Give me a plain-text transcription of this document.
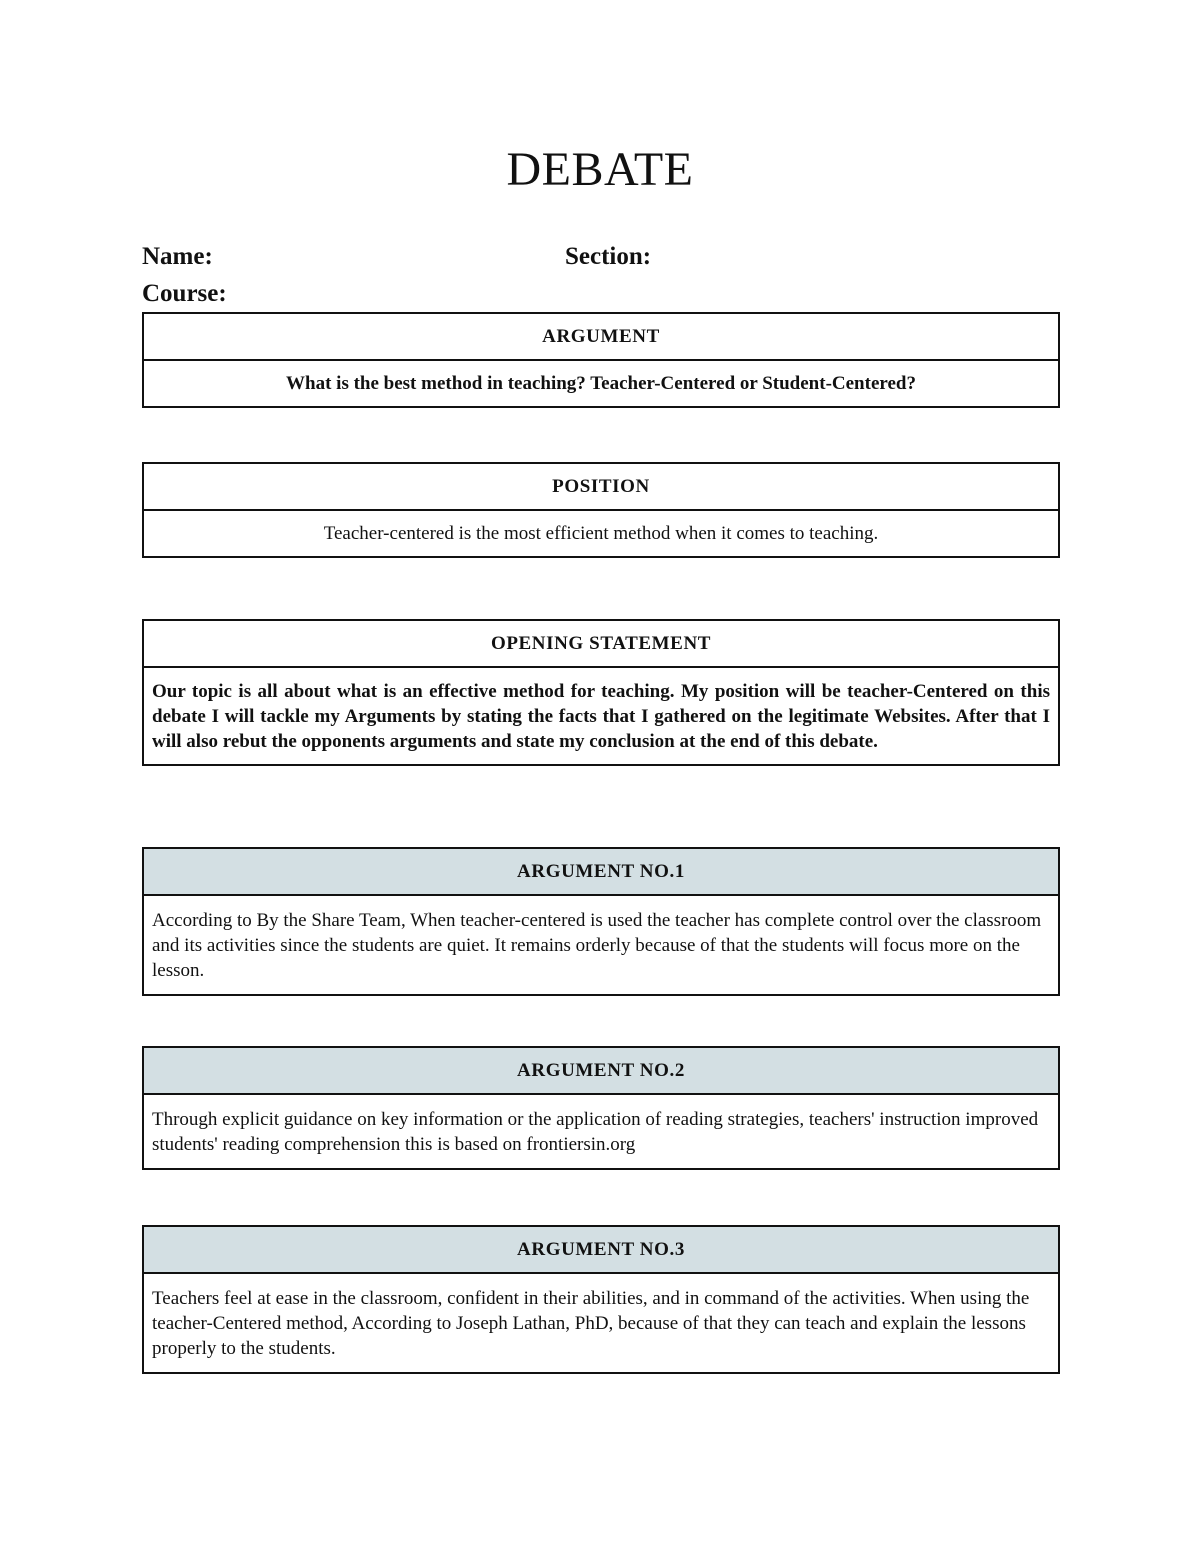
DEBATE
Name:	Section:
Course:
ARGUMENT
What is the best method in teaching? Teacher-Centered or Student-Centered?
POSITION
Teacher-centered is the most efficient method when it comes to teaching.
OPENING STATEMENT
Our topic is all about what is an effective method for teaching. My position will be teacher-Centered on this debate I will tackle my Arguments by stating the facts that I gathered on the legitimate Websites. After that I will also rebut the opponents arguments and state my conclusion at the end of this debate.
ARGUMENT NO.1
According to By the Share Team, When teacher-centered is used the teacher has complete control over the classroom and its activities since the students are quiet. It remains orderly because of that the students will focus more on the lesson.
ARGUMENT NO.2
Through explicit guidance on key information or the application of reading strategies, teachers' instruction improved students' reading comprehension this is based on frontiersin.org
ARGUMENT NO.3
Teachers feel at ease in the classroom, confident in their abilities, and in command of the activities. When using the teacher-Centered method, According to Joseph Lathan, PhD, because of that they can teach and explain the lessons properly to the students.
